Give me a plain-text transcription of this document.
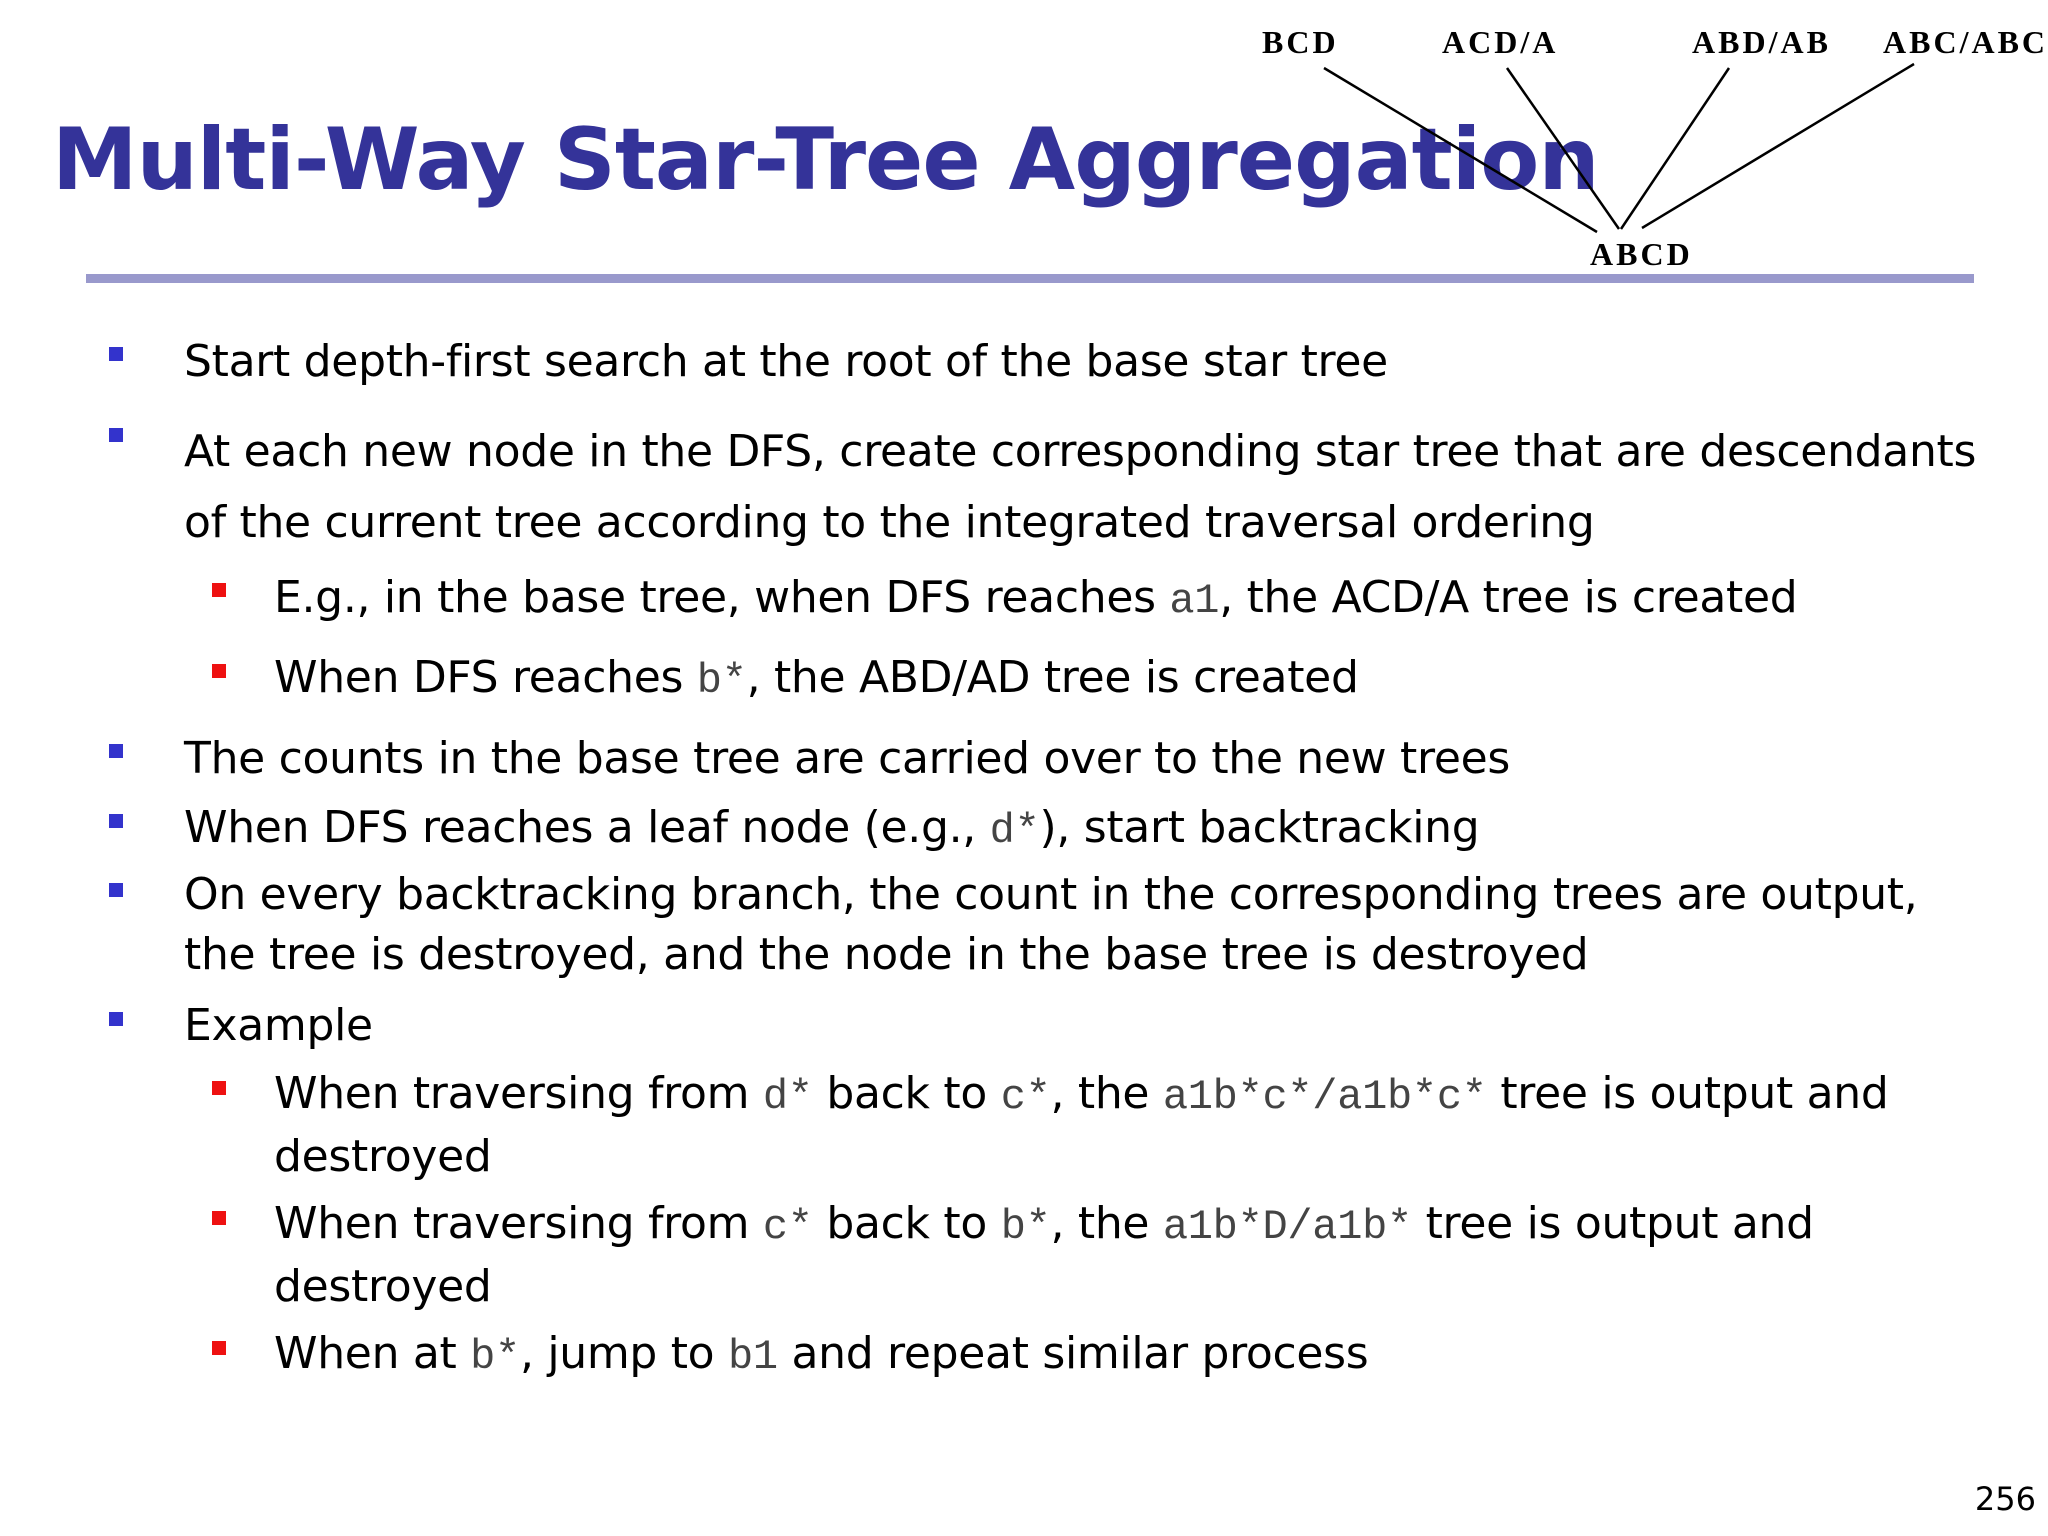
Multi-Way Star-Tree Aggregation
BCD	ACD/A	ABD/AB ABC/ABC
ABCD
Start depth-first search at the root of the base star tree
At each new node in the DFS, create corresponding star tree that are descendants
of the current tree according to the integrated traversal ordering
E.g., in the base tree, when DFS reaches a1, the ACD/A tree is created
When DFS reaches b*, the ABD/AD tree is created
The counts in the base tree are carried over to the new trees
When DFS reaches a leaf node (e.g., d*), start backtracking
On every backtracking branch, the count in the corresponding trees are output,
the tree is destroyed, and the node in the base tree is destroyed
Example
When traversing from d* back to c*, the a1b*c*/a1b*c* tree is output and
destroyed
When traversing from c* back to b*, the a1b*D/a1b* tree is output and
destroyed
When at b*, jump to b1 and repeat similar process
256
